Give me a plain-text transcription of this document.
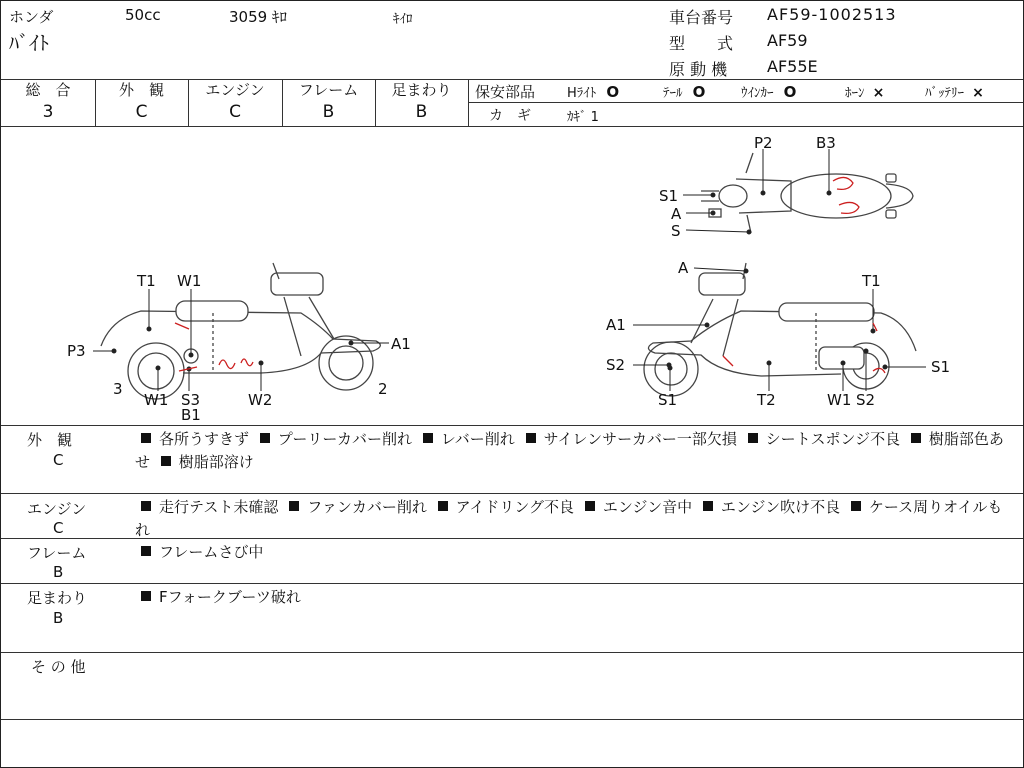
ホンダ	50cc	3059 ｷﾛ	ｷｲﾛ
ﾊﾞｲﾄ
車台番号 AF59-1002513
型　　式 AF59
原 動 機 AF55E
総　合
3
外　観
C
エンジン
C
フレーム
B
足まわり
B
保安部品 Hﾗｲﾄ O	ﾃｰﾙ O	ｳｲﾝｶｰ O	ﾎｰﾝ ×	ﾊﾞｯﾃﾘｰ ×
カ　ギ	ｶｷﾞ 1
P2	B3
S1
A
S
T1 W1
P3	A1
3
W1 S3
B1
W2
2
A
T1
A1
S2	S1
S1	T2	W1 S2
外　観
C
各所うすきず プーリーカバー削れ レバー削れ サイレンサーカバー一部欠損 シートスポンジ不良 樹脂部色あせ 樹脂部溶け
エンジン
C
走行テスト未確認 ファンカバー削れ アイドリング不良 エンジン音中 エンジン吹け不良 ケース周りオイルもれ
フレーム
B
フレームさび中
足まわり
B
Fフォークブーツ破れ
そ の 他
